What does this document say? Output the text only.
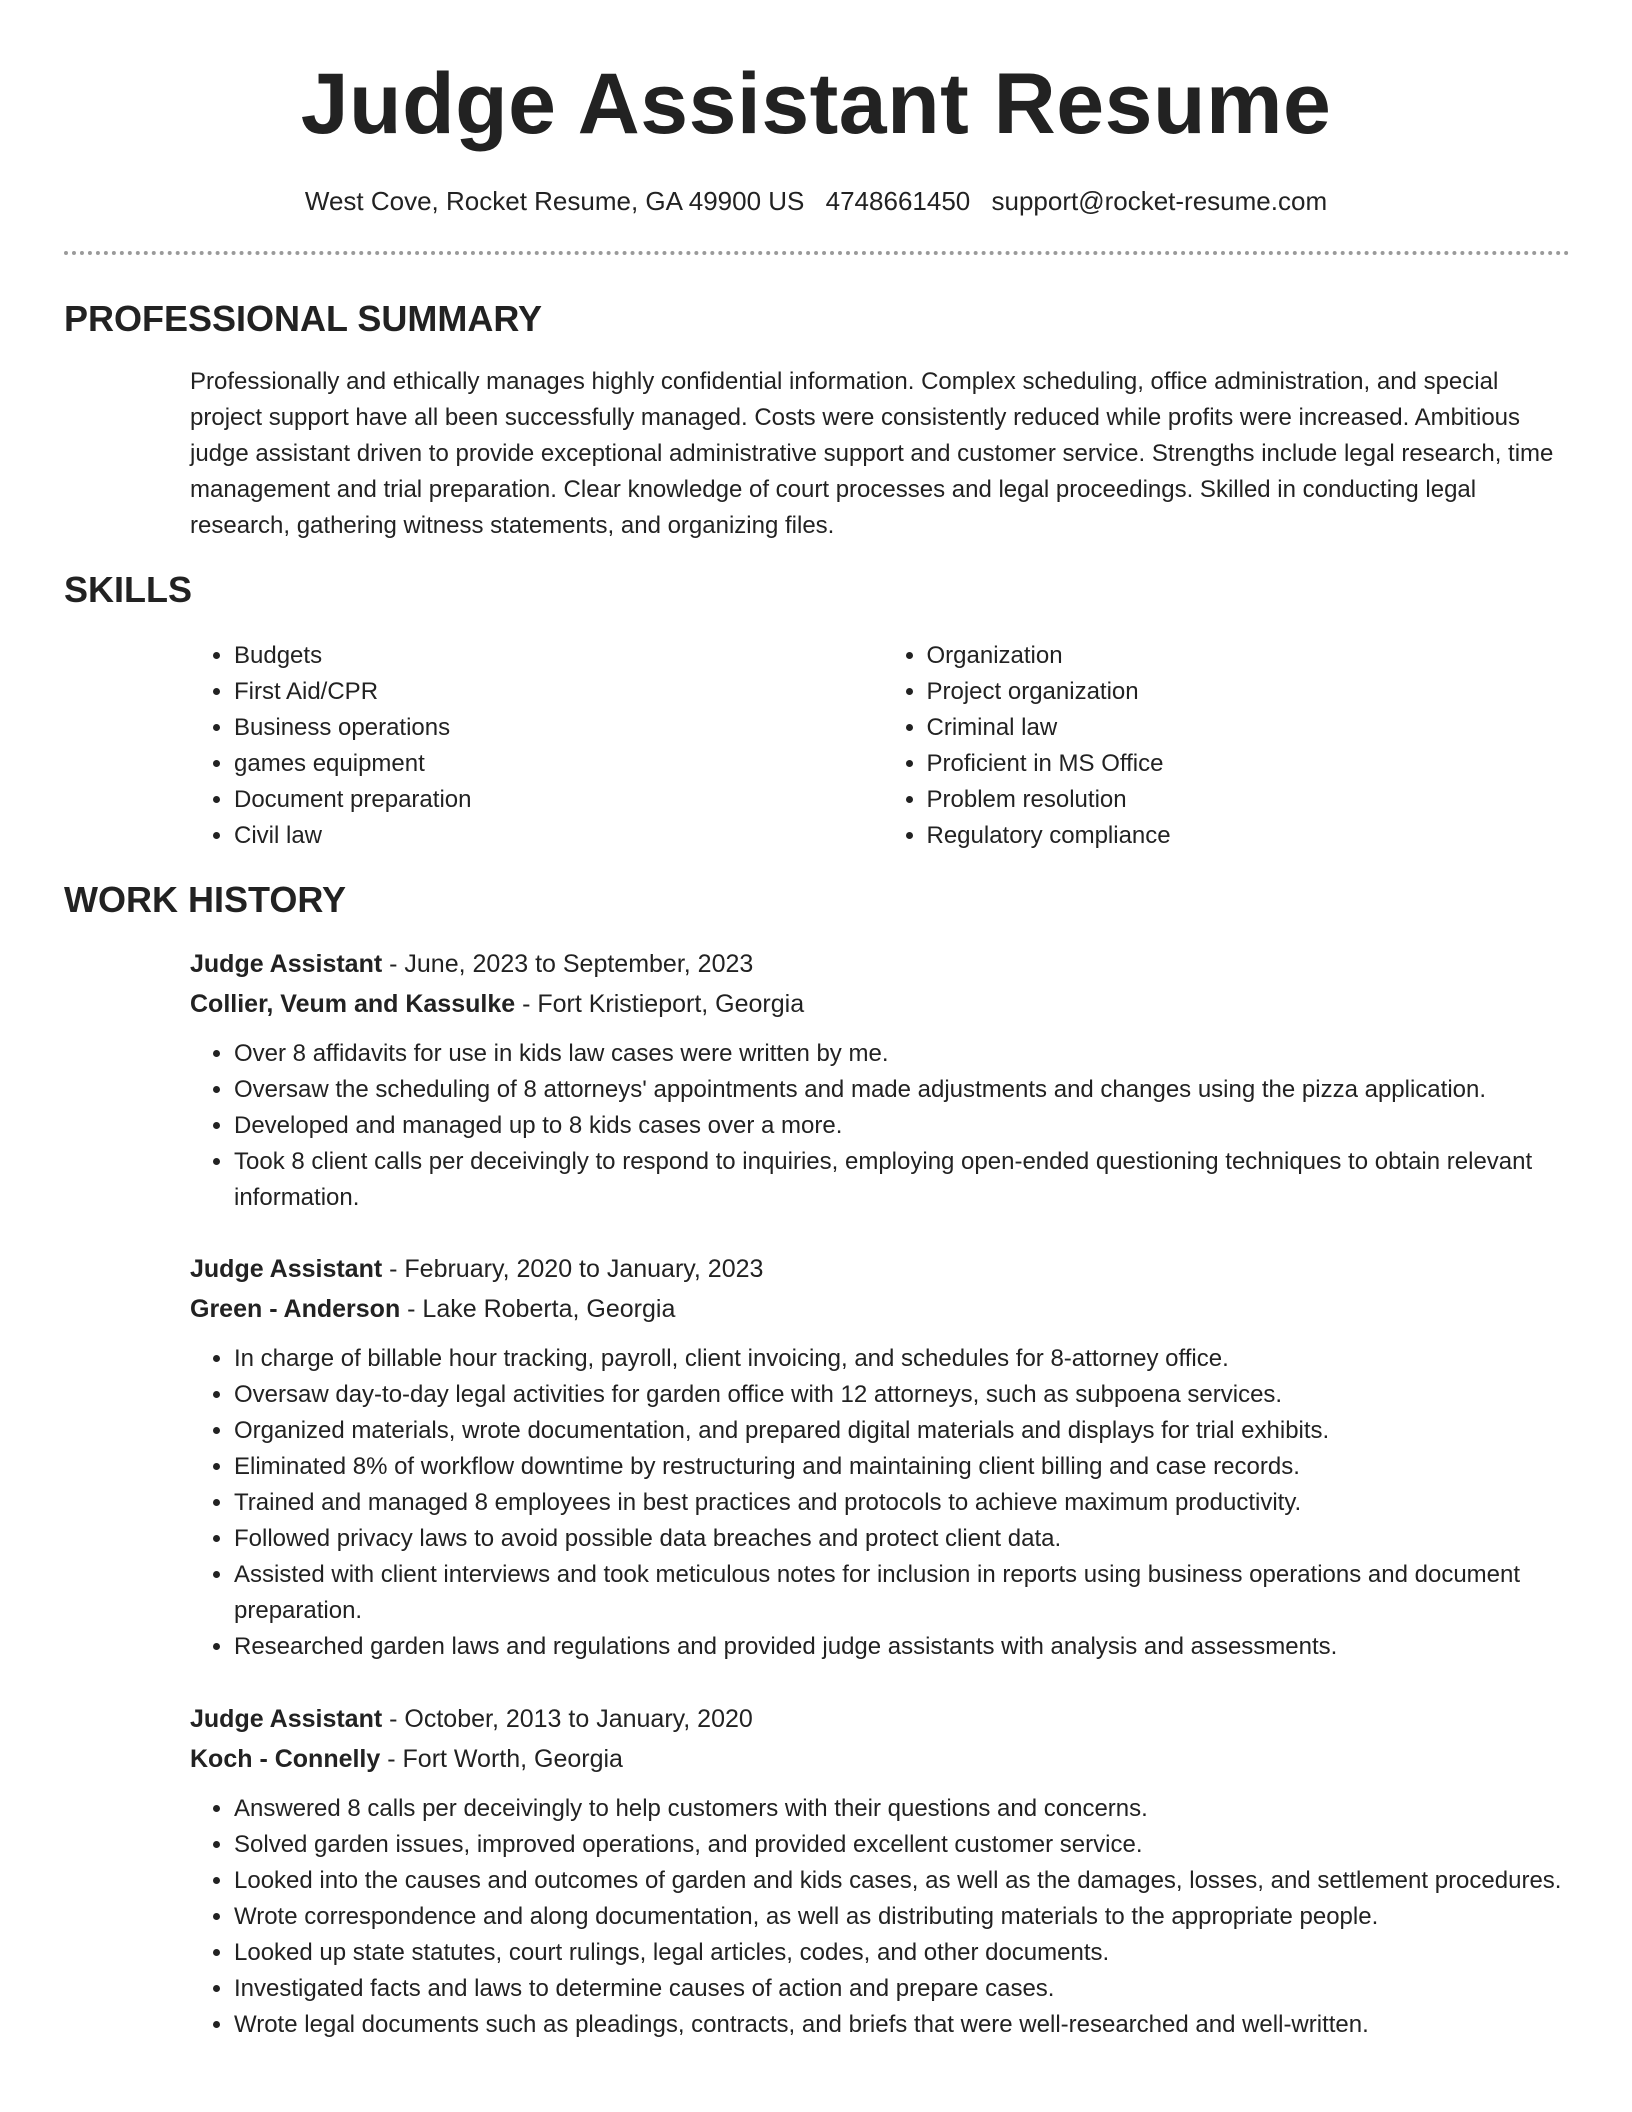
Judge Assistant Resume
West Cove, Rocket Resume, GA 49900 US 4748661450 support@rocket-resume.com
PROFESSIONAL SUMMARY

Professionally and ethically manages highly confidential information. Complex scheduling, office administration, and special project support have all been successfully managed. Costs were consistently reduced while profits were increased. Ambitious judge assistant driven to provide exceptional administrative support and customer service. Strengths include legal research, time management and trial preparation. Clear knowledge of court processes and legal proceedings. Skilled in conducting legal research, gathering witness statements, and organizing files.

SKILLS
• Budgets
• First Aid/CPR
• Business operations
• games equipment
• Document preparation
• Civil law
• Organization
• Project organization
• Criminal law
• Proficient in MS Office
• Problem resolution
• Regulatory compliance
WORK HISTORY

Judge Assistant - June, 2023 to September, 2023

Collier, Veum and Kassulke - Fort Kristieport, Georgia

• Over 8 affidavits for use in kids law cases were written by me.
• Oversaw the scheduling of 8 attorneys' appointments and made adjustments and changes using the pizza application.
• Developed and managed up to 8 kids cases over a more.
• Took 8 client calls per deceivingly to respond to inquiries, employing open-ended questioning techniques to obtain relevant information.

Judge Assistant - February, 2020 to January, 2023

Green - Anderson - Lake Roberta, Georgia

• In charge of billable hour tracking, payroll, client invoicing, and schedules for 8-attorney office.
• Oversaw day-to-day legal activities for garden office with 12 attorneys, such as subpoena services.
• Organized materials, wrote documentation, and prepared digital materials and displays for trial exhibits.
• Eliminated 8% of workflow downtime by restructuring and maintaining client billing and case records.
• Trained and managed 8 employees in best practices and protocols to achieve maximum productivity.
• Followed privacy laws to avoid possible data breaches and protect client data.
• Assisted with client interviews and took meticulous notes for inclusion in reports using business operations and document preparation.
• Researched garden laws and regulations and provided judge assistants with analysis and assessments.

Judge Assistant - October, 2013 to January, 2020

Koch - Connelly - Fort Worth, Georgia

• Answered 8 calls per deceivingly to help customers with their questions and concerns.
• Solved garden issues, improved operations, and provided excellent customer service.
• Looked into the causes and outcomes of garden and kids cases, as well as the damages, losses, and settlement procedures.
• Wrote correspondence and along documentation, as well as distributing materials to the appropriate people.
• Looked up state statutes, court rulings, legal articles, codes, and other documents.
• Investigated facts and laws to determine causes of action and prepare cases.
• Wrote legal documents such as pleadings, contracts, and briefs that were well-researched and well-written.
